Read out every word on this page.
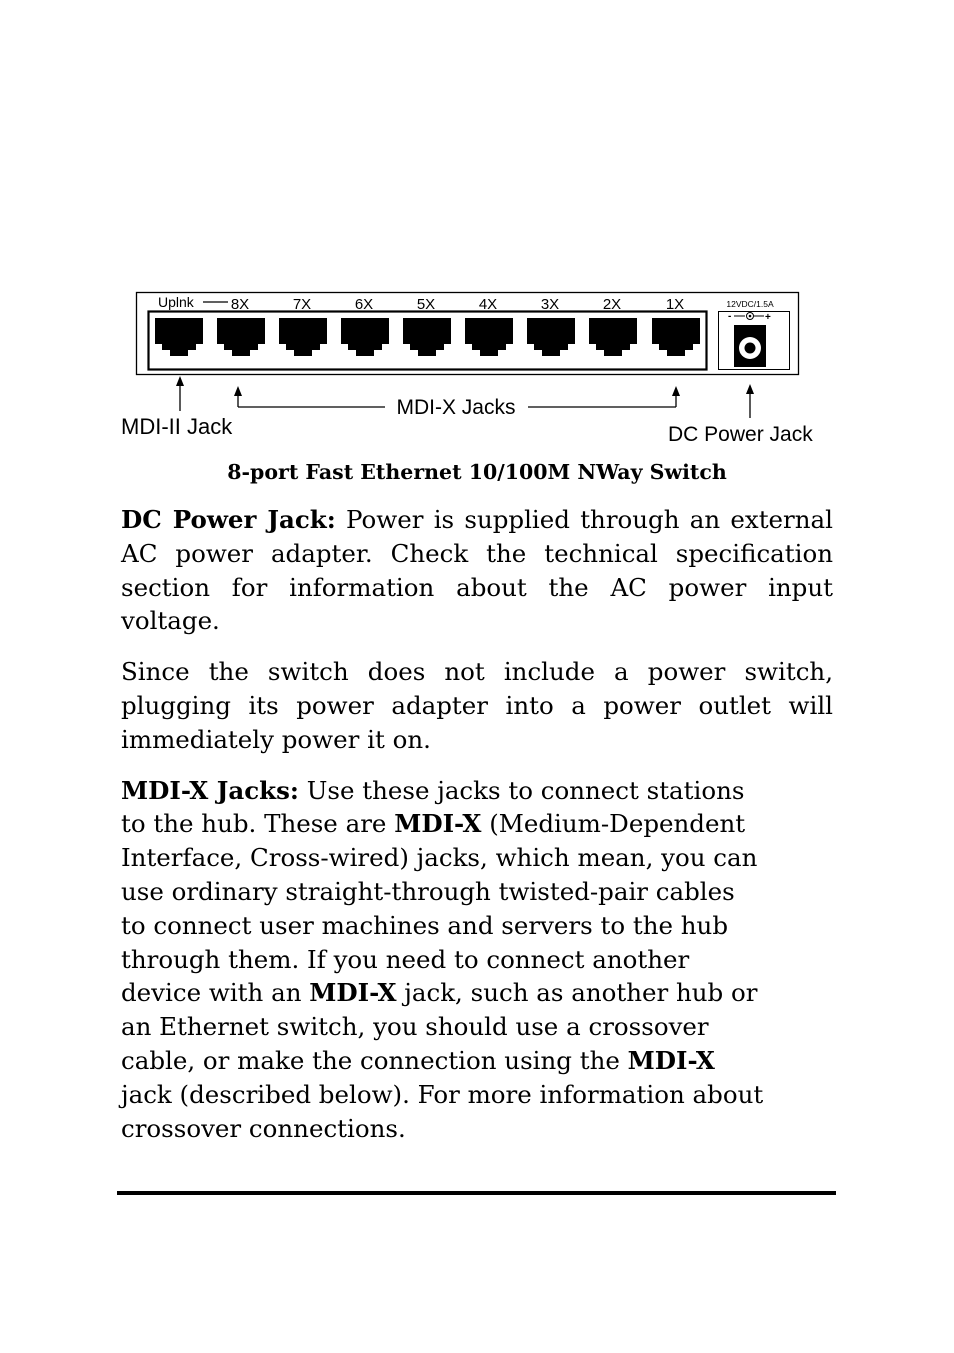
Uplnk 8X	7X	6X	5X	4X	3X	2X	1X	12VDC/1.5A
-	+
MDI-II Jack
MDI-X Jacks
DC Power Jack
8-port Fast Ethernet 10/100M NWay Switch

DC Power Jack: Power is supplied through an external AC power adapter. Check the technical specification section for information about the AC power input voltage.

Since the switch does not include a power switch, plugging its power adapter into a power outlet will immediately power it on.

MDI-X Jacks: Use these jacks to connect stations
to the hub. These are MDI-X (Medium-Dependent
Interface, Cross-wired) jacks, which mean, you can
use ordinary straight-through twisted-pair cables
to connect user machines and servers to the hub
through them. If you need to connect another
device with an MDI-X jack, such as another hub or
an Ethernet switch, you should use a crossover
cable, or make the connection using the MDI-X
jack (described below). For more information about
crossover connections.
